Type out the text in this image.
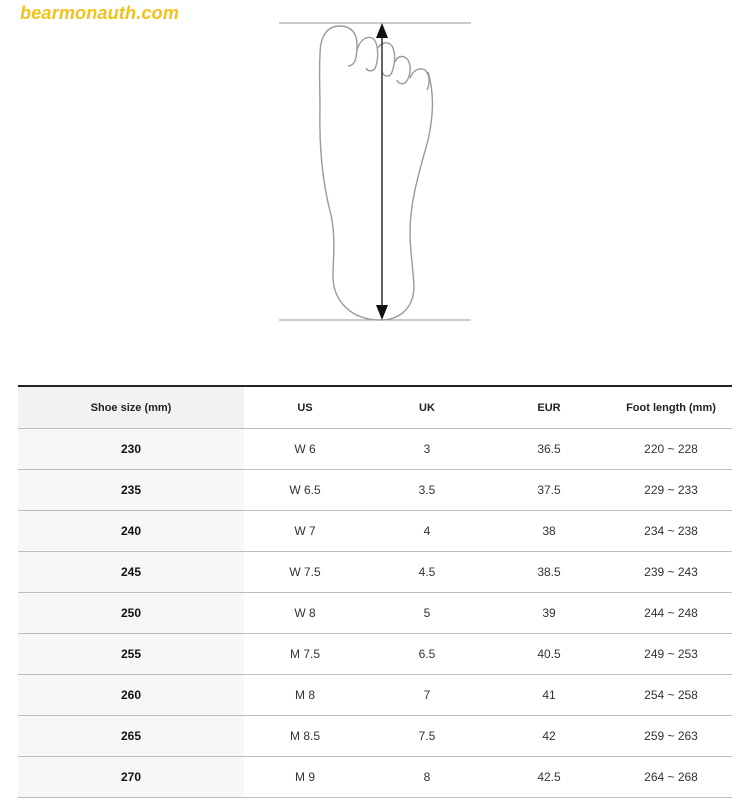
bearmonauth.com
Shoe size (mm)	US	UK	EUR	Foot length (mm)
230	W 6	3	36.5	220 ~ 228
235	W 6.5	3.5	37.5	229 ~ 233
240	W 7	4	38	234 ~ 238
245	W 7.5	4.5	38.5	239 ~ 243
250	W 8	5	39	244 ~ 248
255	M 7.5	6.5	40.5	249 ~ 253
260	M 8	7	41	254 ~ 258
265	M 8.5	7.5	42	259 ~ 263
270	M 9	8	42.5	264 ~ 268
